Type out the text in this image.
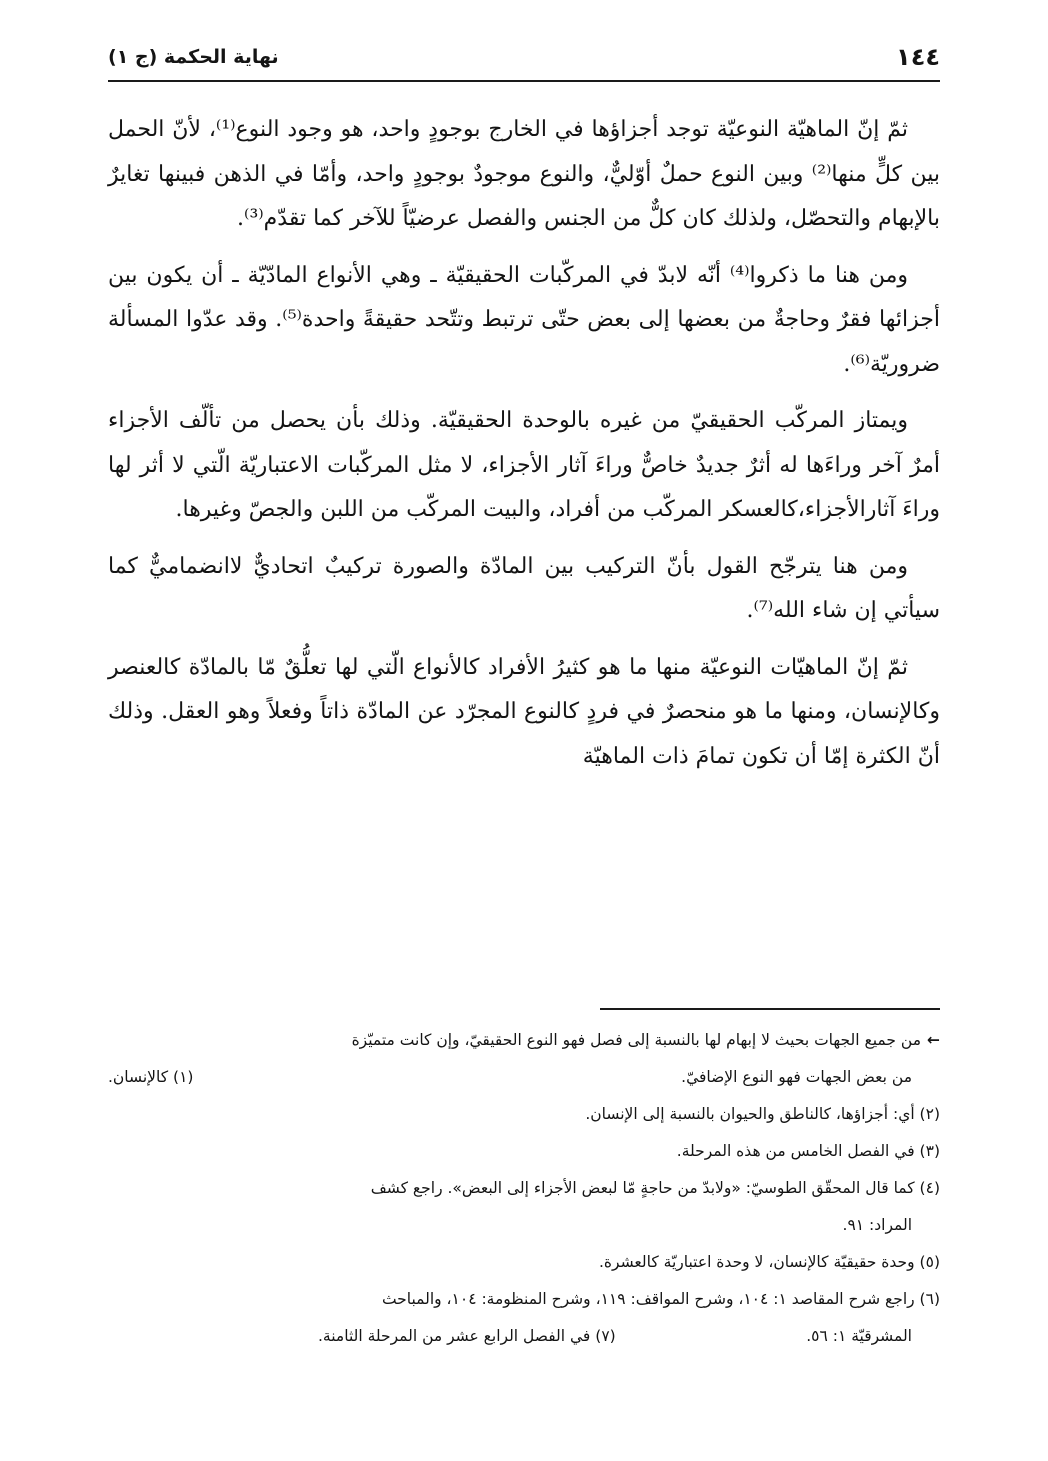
١٤٤
نهاية الحكمة (ج ١)

ثمّ إنّ الماهيّة النوعيّة توجد أجزاؤها في الخارج بوجودٍ واحد، هو وجود النوع⁽¹⁾، لأنّ الحمل بين كلٍّ منها⁽²⁾ وبين النوع حملٌ أوّليٌّ، والنوع موجودٌ بوجودٍ واحد، وأمّا في الذهن فبينها تغايرٌ بالإبهام والتحصّل، ولذلك كان كلٌّ من الجنس والفصل عرضيّاً للآخر كما تقدّم⁽³⁾.

ومن هنا ما ذكروا⁽⁴⁾ أنّه لابدّ في المركّبات الحقيقيّة ـ وهي الأنواع المادّيّة ـ أن يكون بين أجزائها فقرٌ وحاجةٌ من بعضها إلى بعض حتّى ترتبط وتتّحد حقيقةً واحدة⁽⁵⁾. وقد عدّوا المسألة ضروريّة⁽⁶⁾.

ويمتاز المركّب الحقيقيّ من غيره بالوحدة الحقيقيّة. وذلك بأن يحصل من تألّف الأجزاء أمرٌ آخر وراءَها له أثرٌ جديدٌ خاصٌّ وراءَ آثار الأجزاء، لا مثل المركّبات الاعتباريّة الّتي لا أثر لها وراءَ آثارالأجزاء،كالعسكر المركّب من أفراد، والبيت المركّب من اللبن والجصّ وغيرها.

ومن هنا يترجّح القول بأنّ التركيب بين المادّة والصورة تركيبٌ اتحاديٌّ لاانضماميٌّ كما سيأتي إن شاء الله⁽⁷⁾.

ثمّ إنّ الماهيّات النوعيّة منها ما هو كثيرُ الأفراد كالأنواع الّتي لها تعلُّقٌ مّا بالمادّة كالعنصر وكالإنسان، ومنها ما هو منحصرٌ في فردٍ كالنوع المجرّد عن المادّة ذاتاً وفعلاً وهو العقل. وذلك أنّ الكثرة إمّا أن تكون تمامَ ذات الماهيّة

←من جميع الجهات بحيث لا إبهام لها بالنسبة إلى فصل فهو النوع الحقيقيّ، وإن كانت متميّزة
من بعض الجهات فهو النوع الإضافيّ.
(١) كالإنسان.
(٢) أي: أجزاؤها، كالناطق والحيوان بالنسبة إلى الإنسان.
(٣) في الفصل الخامس من هذه المرحلة.
(٤) كما قال المحقّق الطوسيّ: «ولابدّ من حاجةٍ مّا لبعض الأجزاء إلى البعض». راجع كشف
المراد: ٩١.
(٥) وحدة حقيقيّة كالإنسان، لا وحدة اعتباريّة كالعشرة.
(٦) راجع شرح المقاصد ١: ١٠٤، وشرح المواقف: ١١٩، وشرح المنظومة: ١٠٤، والمباحث
المشرقيّة ١: ٥٦.
(٧) في الفصل الرابع عشر من المرحلة الثامنة.
